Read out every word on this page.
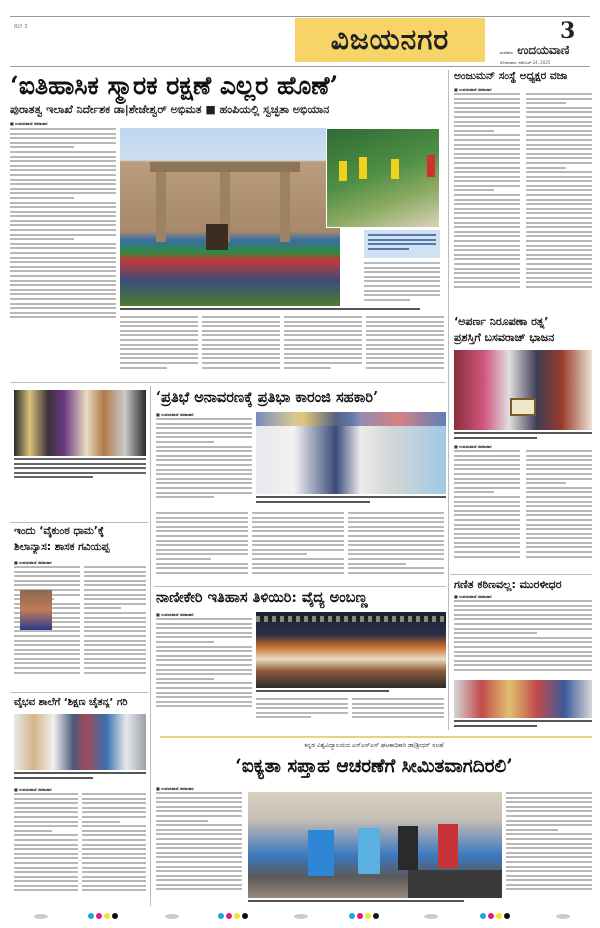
BLY 3	ವಿಜಯನಗರ	3
ಮಣಿಪಾಲ ಉದಯವಾಣಿ
ಸೋಮವಾರ, ನವೆಂಬರ್ 24, 2025
‘ಐತಿಹಾಸಿಕ ಸ್ಮಾರಕ ರಕ್ಷಣೆ ಎಲ್ಲರ ಹೊಣೆ’
ಪುರಾತತ್ವ ಇಲಾಖೆ ನಿರ್ದೇಶಕ ಡಾ|ಶೇಜೇಶ್ವರ್ ಅಭಿಮತ ■ ಹಂಪಿಯಲ್ಲಿ ಸ್ವಚ್ಛತಾ ಅಭಿಯಾನ
■ ಉದಯವಾಣಿ ಸಮಾಚಾರ
ಅಂಜುಮನ್ ಸಂಸ್ಥೆ ಅಧ್ಯಕ್ಷರ ವಜಾ
■ ಉದಯವಾಣಿ ಸಮಾಚಾರ
‘ಅಪರ್ಣ ನಿರೂಪಣಾ ರತ್ನ’
ಪ್ರಶಸ್ತಿಗೆ ಬಸವರಾಜ್ ಭಾಜನ
■ ಉದಯವಾಣಿ ಸಮಾಚಾರ
ಇಂದು ‘ವೈಕುಂಠ ಧಾಮ’ಕ್ಕೆ
ಶಿಲಾನ್ಯಾಸ: ಶಾಸಕ ಗವಿಯಪ್ಪ
■ ಉದಯವಾಣಿ ಸಮಾಚಾರ
ವೈಭವ ಶಾಲೆಗೆ ‘ಶಿಕ್ಷಣ ಚೈತನ್ಯ’ ಗರಿ
■ ಉದಯವಾಣಿ ಸಮಾಚಾರ
‘ಪ್ರತಿಭೆ ಅನಾವರಣಕ್ಕೆ ಪ್ರತಿಭಾ ಕಾರಂಜಿ ಸಹಕಾರಿ’
■ ಉದಯವಾಣಿ ಸಮಾಚಾರ
ನಾಣೀಕೇರಿ ಇತಿಹಾಸ ತಿಳಿಯಿರಿ: ವೈದ್ಯ ಅಂಬಣ್ಣ
■ ಉದಯವಾಣಿ ಸಮಾಚಾರ
ಗಣಿತ ಕಠಿಣವಲ್ಲ: ಮುರಳೀಧರ
■ ಉದಯವಾಣಿ ಸಮಾಚಾರ
ಕನ್ನಡ ವಿಶ್ವವಿದ್ಯಾಲಯದ ಎನ್‌ಎಸ್‌ಎಸ್ ಘಟಕಾಧಿಕಾರಿ ಡಾ|ಶ್ರೀಧರ್ ಸಲಹೆ
‘ಐಕ್ಯತಾ ಸಪ್ತಾಹ ಆಚರಣೆಗೆ ಸೀಮಿತವಾಗದಿರಲಿ’
■ ಉದಯವಾಣಿ ಸಮಾಚಾರ
